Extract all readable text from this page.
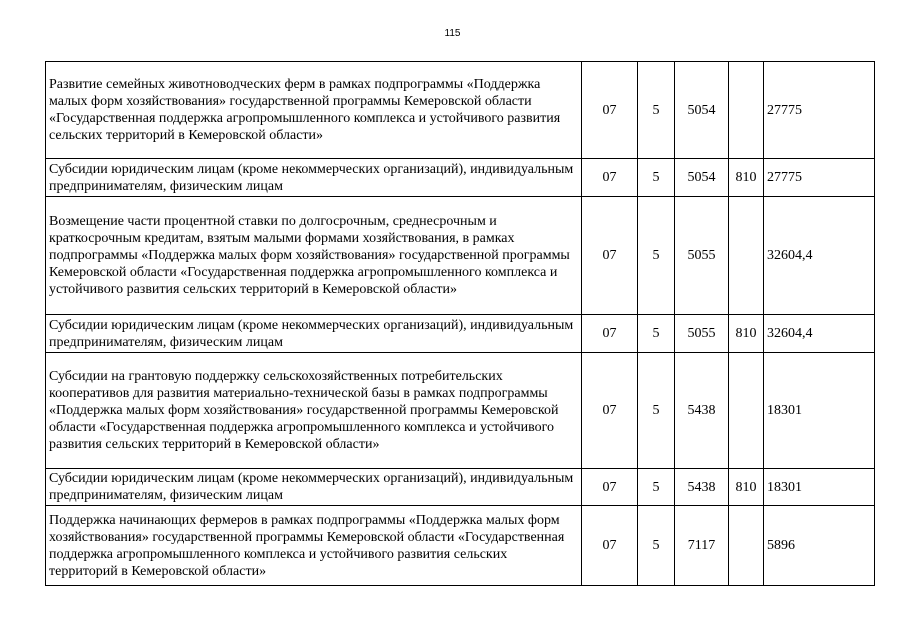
115
Развитие семейных животноводческих ферм в рамках подпрограммы «Поддержка малых форм хозяйствования» государственной программы Кемеровской области «Государственная поддержка агропромышленного комплекса и устойчивого развития сельских территорий в Кемеровской области»	07	5	5054		27775
Субсидии юридическим лицам (кроме некоммерческих организаций), индивидуальным предпринимателям, физическим лицам	07	5	5054	810	27775
Возмещение части процентной ставки по долгосрочным, среднесрочным и краткосрочным кредитам, взятым малыми формами хозяйствования, в рамках подпрограммы «Поддержка малых форм хозяйствования» государственной программы Кемеровской области «Государственная поддержка агропромышленного комплекса и устойчивого развития сельских территорий в Кемеровской области»	07	5	5055		32604,4
Субсидии юридическим лицам (кроме некоммерческих организаций), индивидуальным предпринимателям, физическим лицам	07	5	5055	810	32604,4
Субсидии на грантовую поддержку сельскохозяйственных потребительских кооперативов для развития материально-технической базы в рамках подпрограммы «Поддержка малых форм хозяйствования» государственной программы Кемеровской области «Государственная поддержка агропромышленного комплекса и устойчивого развития сельских территорий в Кемеровской области»	07	5	5438		18301
Субсидии юридическим лицам (кроме некоммерческих организаций), индивидуальным предпринимателям, физическим лицам	07	5	5438	810	18301
Поддержка начинающих фермеров в рамках подпрограммы «Поддержка малых форм хозяйствования» государственной программы Кемеровской области «Государственная поддержка агропромышленного комплекса и устойчивого развития сельских территорий в Кемеровской области»	07	5	7117		5896
